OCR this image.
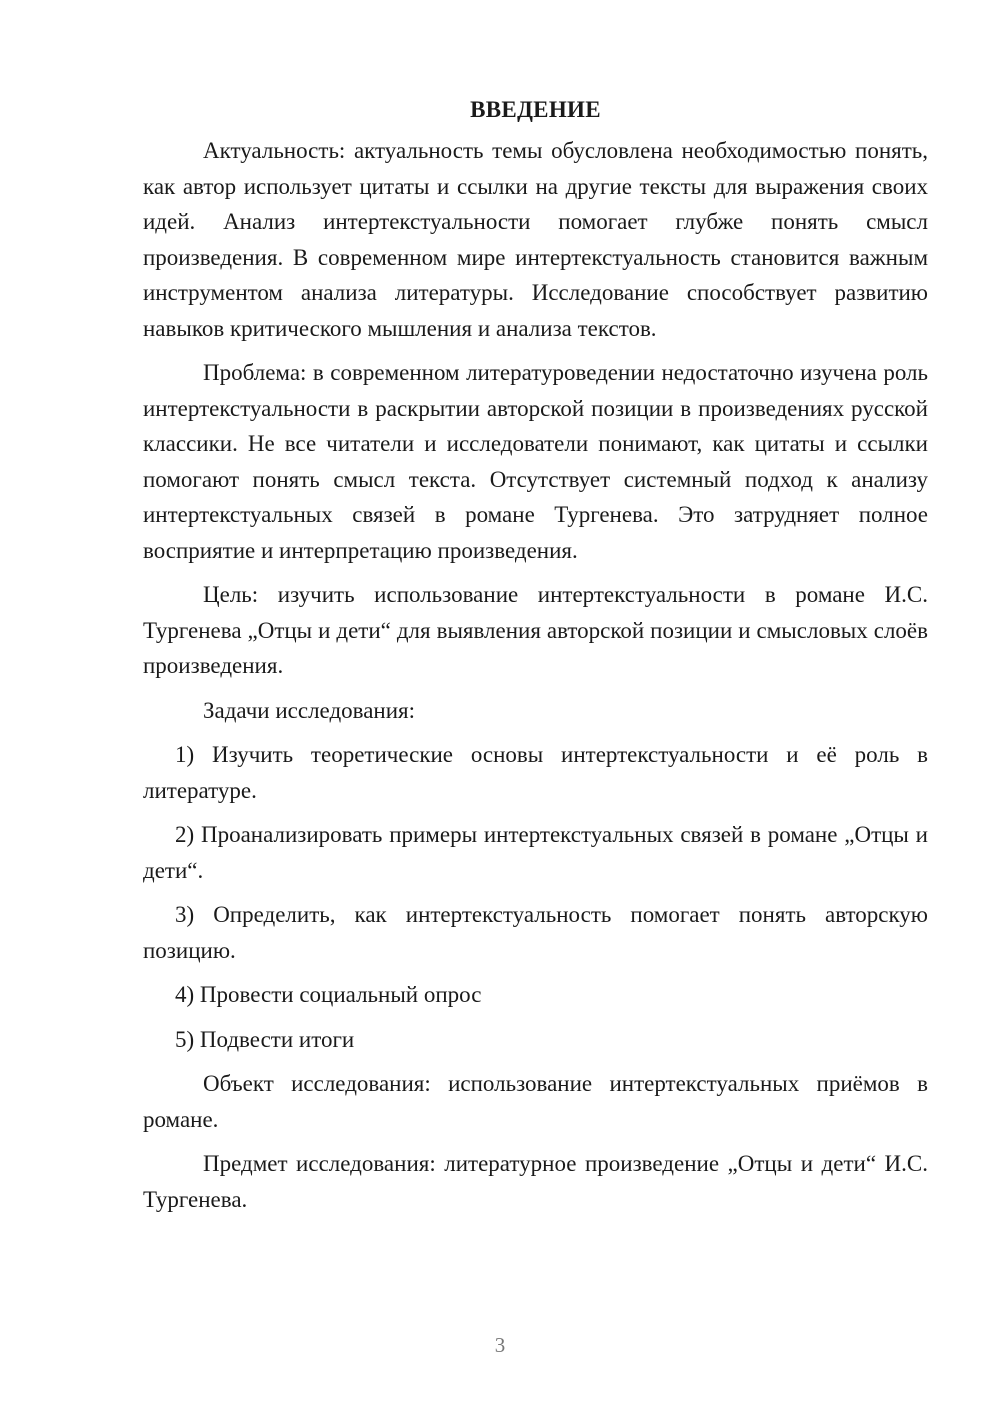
ВВЕДЕНИЕ

Актуальность: актуальность темы обусловлена необходимостью понять, как автор использует цитаты и ссылки на другие тексты для выражения своих идей. Анализ интертекстуальности помогает глубже понять смысл произведения. В современном мире интертекстуальность становится важным инструментом анализа литературы. Исследование способствует развитию навыков критического мышления и анализа текстов.

Проблема: в современном литературоведении недостаточно изучена роль интертекстуальности в раскрытии авторской позиции в произведениях русской классики. Не все читатели и исследователи понимают, как цитаты и ссылки помогают понять смысл текста. Отсутствует системный подход к анализу интертекстуальных связей в романе Тургенева. Это затрудняет полное восприятие и интерпретацию произведения.

Цель: изучить использование интертекстуальности в романе И.С. Тургенева „Отцы и дети“ для выявления авторской позиции и смысловых слоёв произведения.

Задачи исследования:

1) Изучить теоретические основы интертекстуальности и её роль в литературе.

2) Проанализировать примеры интертекстуальных связей в романе „Отцы и дети“.

3) Определить, как интертекстуальность помогает понять авторскую позицию.

4) Провести социальный опрос

5) Подвести итоги

Объект исследования: использование интертекстуальных приёмов в романе.

Предмет исследования: литературное произведение „Отцы и дети“ И.С. Тургенева.

3
